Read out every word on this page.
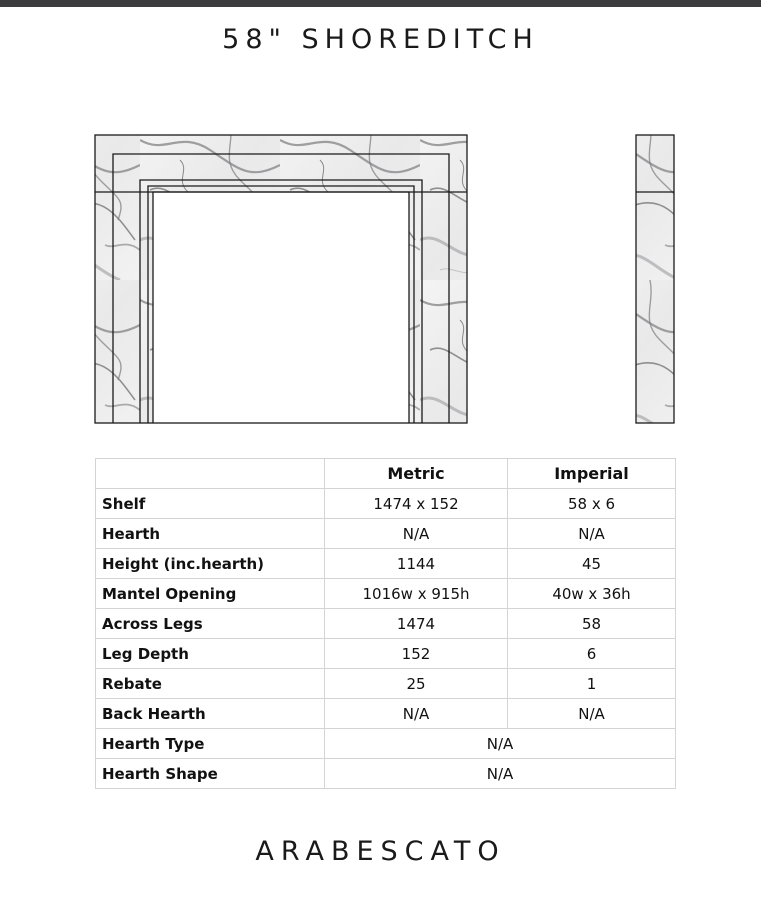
58" SHOREDITCH
	Metric	Imperial
Shelf	1474 x 152	58 x 6
Hearth	N/A	N/A
Height (inc.hearth)	1144	45
Mantel Opening	1016w x 915h	40w x 36h
Across Legs	1474	58
Leg Depth	152	6
Rebate	25	1
Back Hearth	N/A	N/A
Hearth Type	N/A	
Hearth Shape	N/A	
ARABESCATO
